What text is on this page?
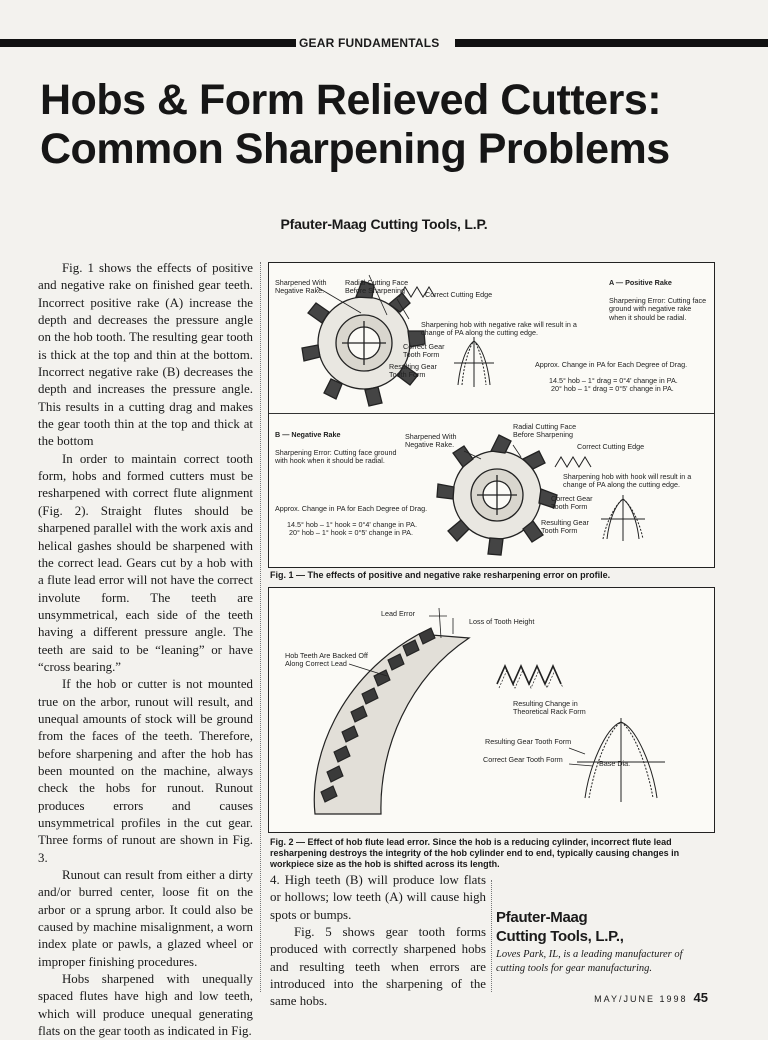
GEAR FUNDAMENTALS
Hobs & Form Relieved Cutters:
Common Sharpening Problems
Pfauter-Maag Cutting Tools, L.P.

Fig. 1 shows the effects of positive and negative rake on finished gear teeth. Incorrect positive rake (A) increase the depth and decreases the pressure angle on the hob tooth. The resulting gear tooth is thick at the top and thin at the bottom. Incorrect negative rake (B) decreases the depth and increases the pressure angle. This results in a cutting drag and makes the gear tooth thin at the top and thick at the bottom

In order to maintain correct tooth form, hobs and formed cutters must be resharpened with correct flute alignment (Fig. 2). Straight flutes should be sharpened parallel with the work axis and helical gashes should be sharpened with the correct lead. Gears cut by a hob with a flute lead error will not have the correct involute form. The teeth are unsymmetrical, each side of the teeth having a different pressure angle. The teeth are said to be “leaning” or have “cross bearing.”

If the hob or cutter is not mounted true on the arbor, runout will result, and unequal amounts of stock will be ground from the faces of the teeth. Therefore, before sharpening and after the hob has been mounted on the machine, always check the hobs for runout. Runout produces errors and causes unsymmetrical profiles in the cut gear. Three forms of runout are shown in Fig. 3.

Runout can result from either a dirty and/or burred center, loose fit on the arbor or a sprung arbor. It could also be caused by machine misalignment, a worn index plate or pawls, a glazed wheel or improper finishing procedures.

Hobs sharpened with unequally spaced flutes have high and low teeth, which will produce unequal generating flats on the gear tooth as indicated in Fig.

Sharpened With Negative Rake.
Radial Cutting Face Before Sharpening	Correct Cutting Edge
Sharpening hob with negative rake will result in a change of PA along the cutting edge.
Correct Gear Tooth Form
Resulting Gear Tooth Form
A — Positive Rake
Sharpening Error: Cutting face ground with negative rake when it should be radial.
Approx. Change in PA for Each Degree of Drag.
14.5° hob – 1° drag = 0°4' change in PA.
20° hob – 1° drag = 0°5' change in PA.
B — Negative Rake
Sharpening Error: Cutting face ground with hook when it should be radial.
Sharpened With Negative Rake.
Radial Cutting Face Before Sharpening
Correct Cutting Edge
Sharpening hob with hook will result in a change of PA along the cutting edge.
Correct Gear Tooth Form
Resulting Gear Tooth Form
Approx. Change in PA for Each Degree of Drag.
14.5° hob – 1° hook = 0°4' change in PA.
20° hob – 1° hook = 0°5' change in PA.
Fig. 1 — The effects of positive and negative rake resharpening error on profile.
Lead Error
Loss of Tooth Height
Hob Teeth Are Backed Off Along Correct Lead
Resulting Change in Theoretical Rack Form
Resulting Gear Tooth Form
Correct Gear Tooth Form	Base Dia.
Fig. 2 — Effect of hob flute lead error. Since the hob is a reducing cylinder, incorrect flute lead resharpening destroys the integrity of the hob cylinder end to end, typically causing changes in workpiece size as the hob is shifted across its length.

4. High teeth (B) will produce low flats or hollows; low teeth (A) will cause high spots or bumps.

Fig. 5 shows gear tooth forms produced with correctly sharpened hobs and resulting teeth when errors are introduced into the sharpening of the same hobs.

Pfauter-Maag
Cutting Tools, L.P.,
Loves Park, IL, is a leading manufacturer of cutting tools for gear manufacturing.
MAY/JUNE 1998 45
